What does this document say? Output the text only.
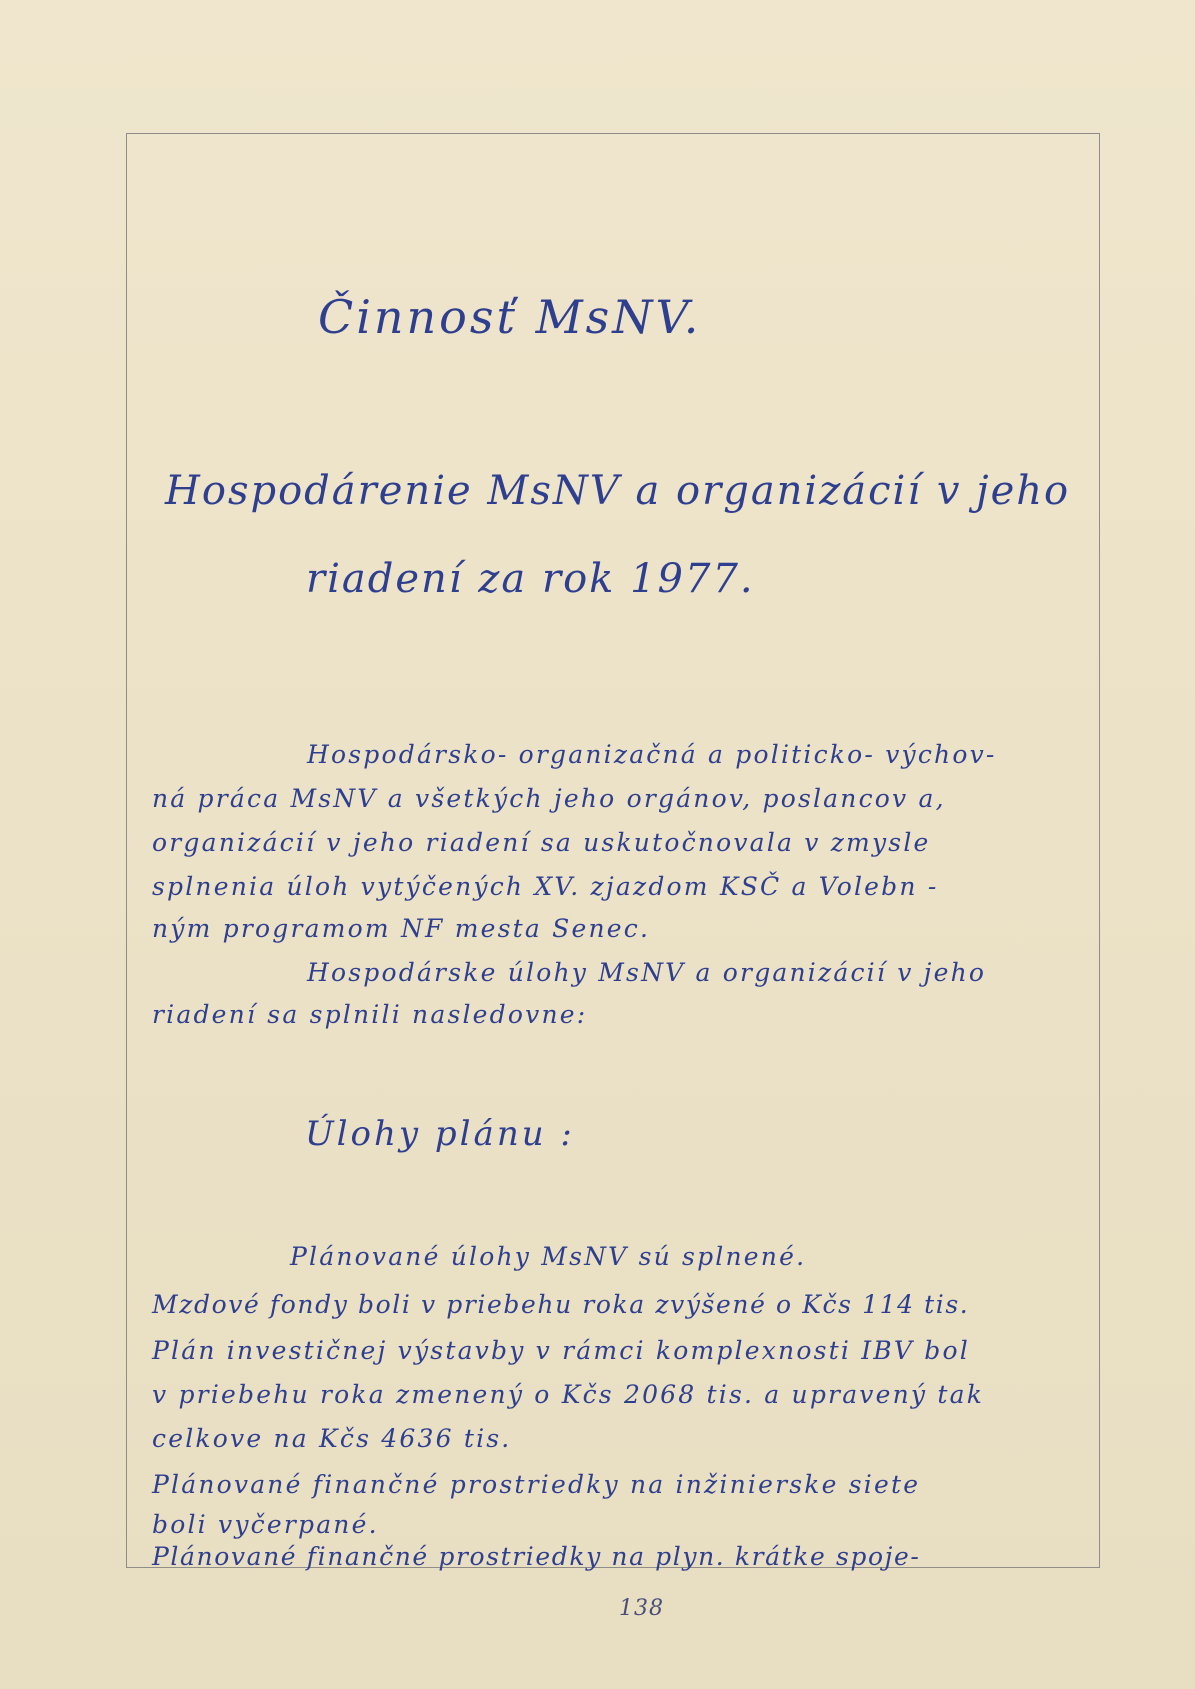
Činnosť MsNV.
Hospodárenie MsNV a organizácií v jeho
riadení za rok 1977.
Hospodársko- organizačná a politicko- výchov-
ná práca MsNV a všetkých jeho orgánov, poslancov a,
organizácií v jeho riadení sa uskutočnovala v zmysle
splnenia úloh vytýčených XV. zjazdom KSČ a Volebn -
ným programom NF mesta Senec.
Hospodárske úlohy MsNV a organizácií v jeho
riadení sa splnili nasledovne:
Úlohy plánu :
Plánované úlohy MsNV sú splnené.
Mzdové fondy boli v priebehu roka zvýšené o Kčs 114 tis.
Plán investičnej výstavby v rámci komplexnosti IBV bol
v priebehu roka zmenený o Kčs 2068 tis. a upravený tak
celkove na Kčs 4636 tis.
Plánované finančné prostriedky na inžinierske siete
boli vyčerpané.
Plánované finančné prostriedky na plyn. krátke spoje-
138
